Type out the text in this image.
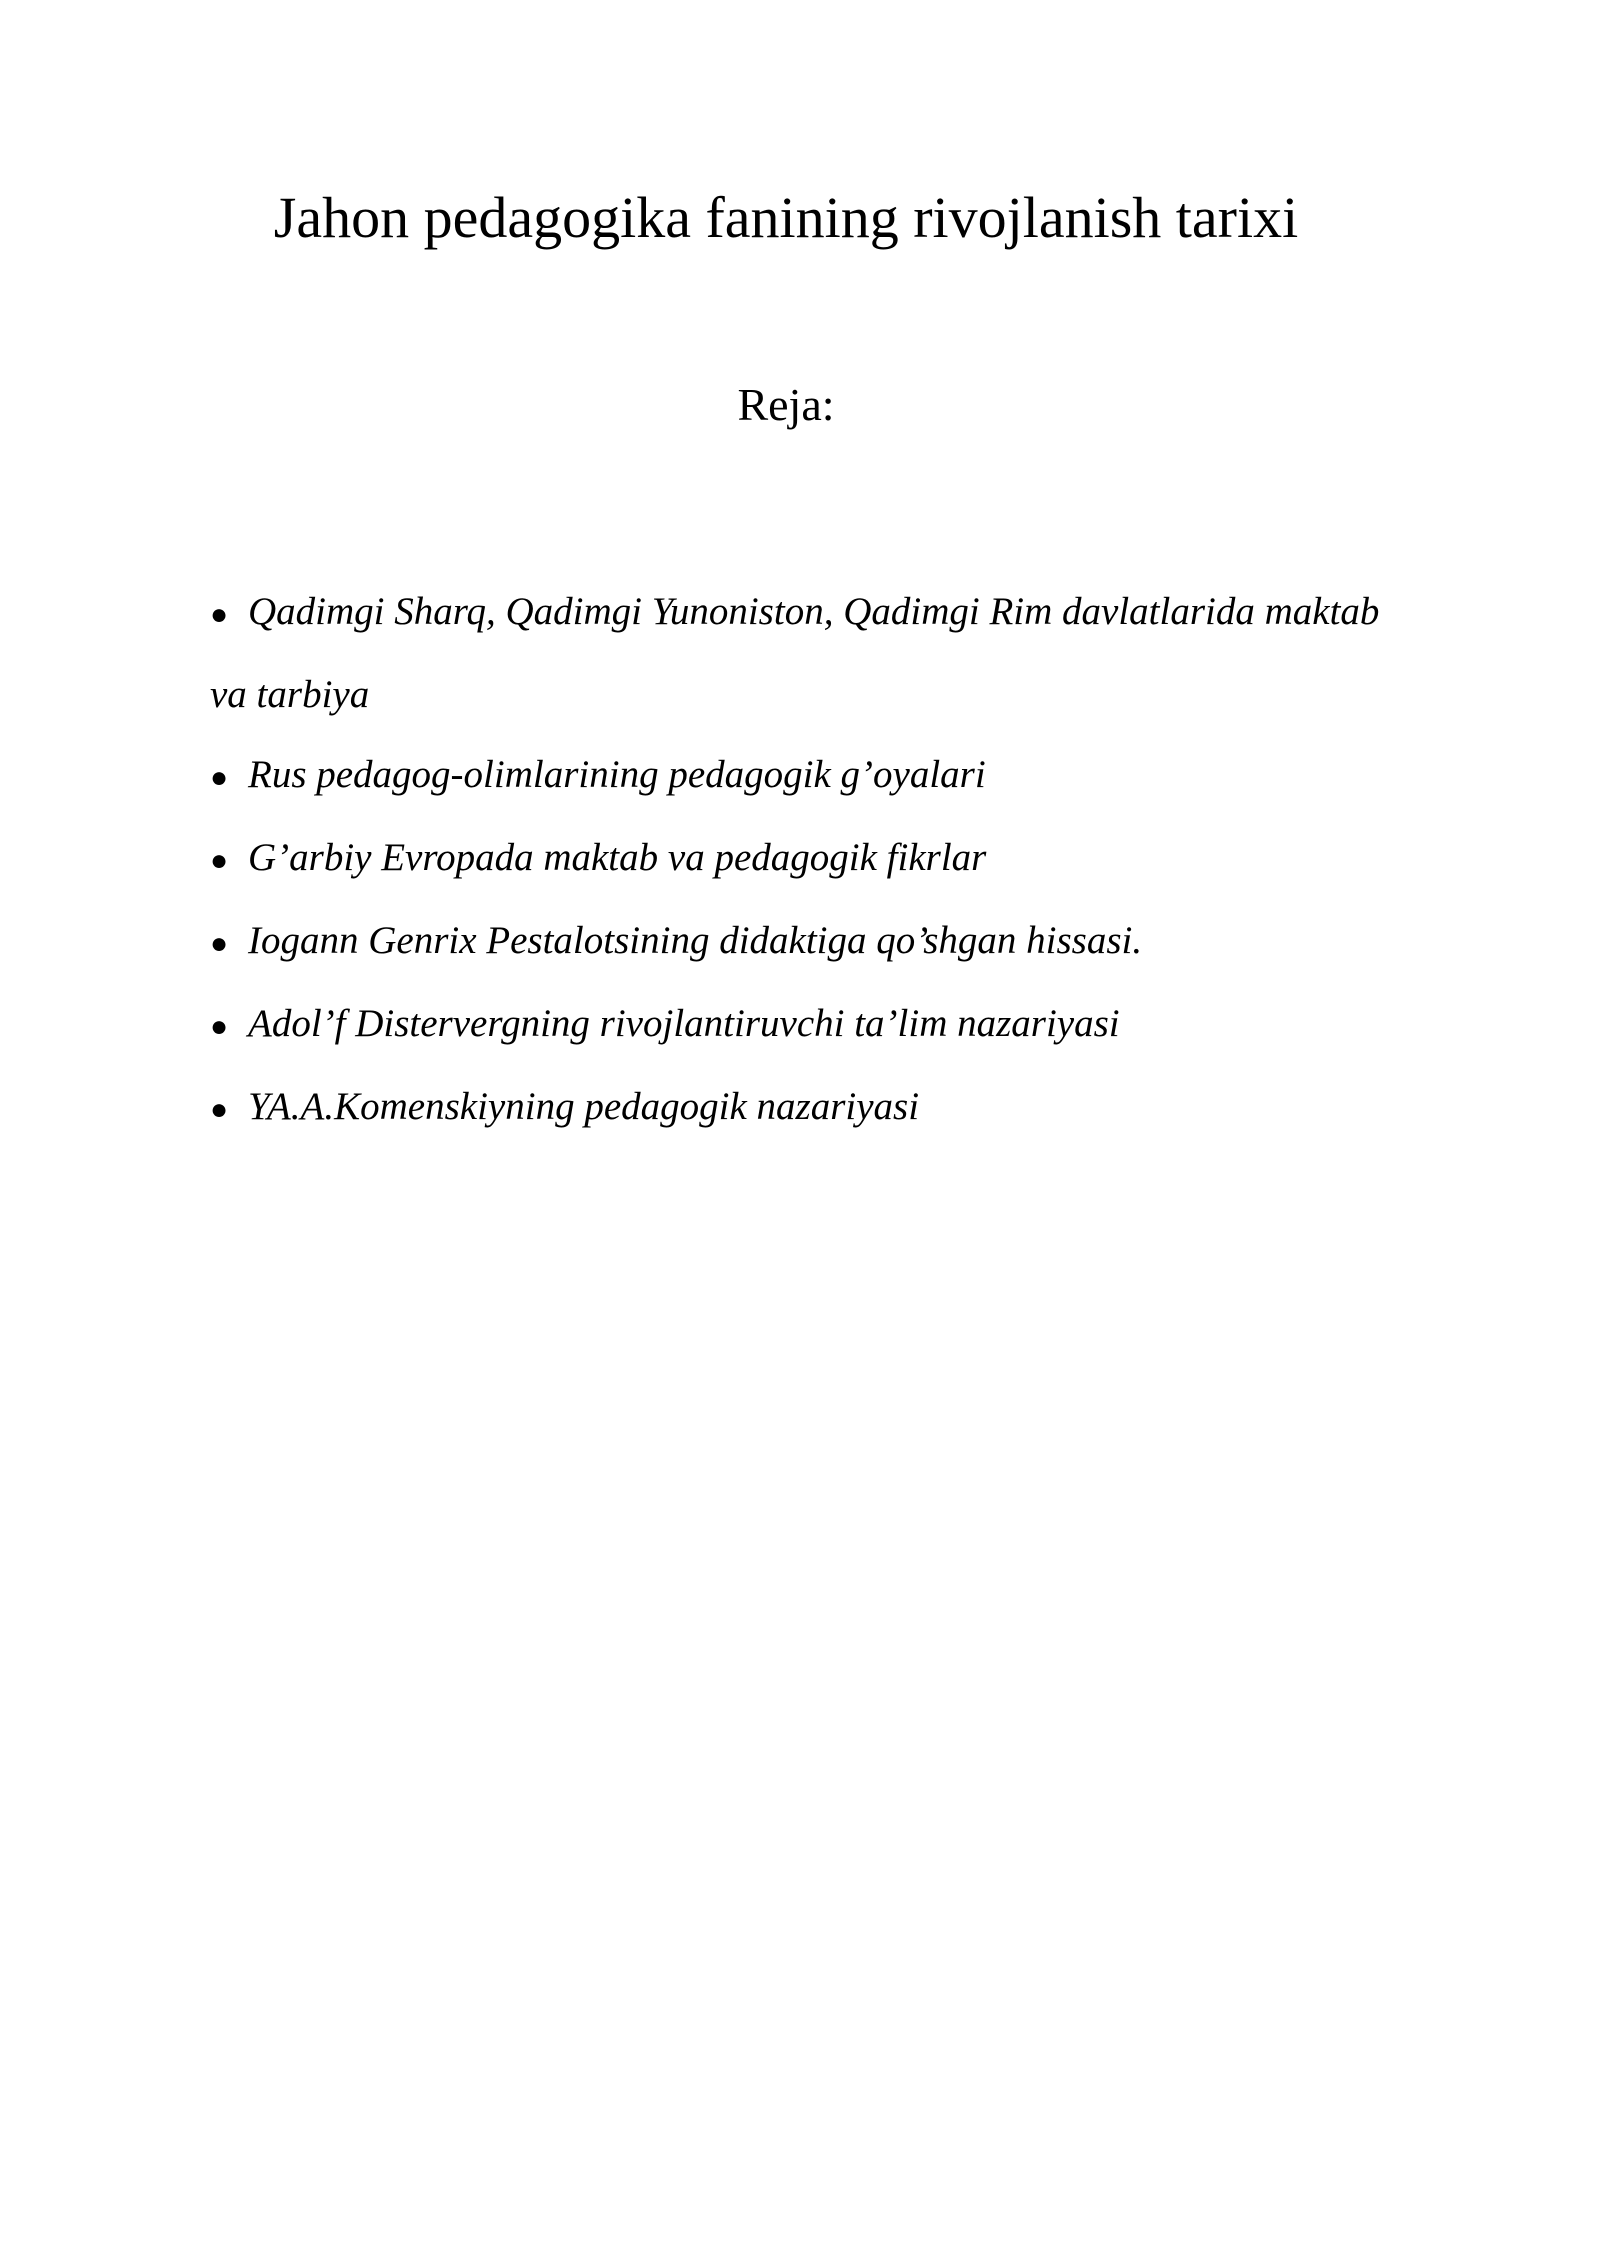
Jahon pedagogika fanining rivojlanish tarixi
Reja:
● Qadimgi Sharq, Qadimgi Yunoniston, Qadimgi Rim davlatlarida maktab va tarbiya
● Rus pedagog-olimlarining pedagogik g’oyalari
● G’arbiy Evropada maktab va pedagogik fikrlar
● Iogann Genrix Pestalotsining didaktiga qo’shgan hissasi.
● Adol’f Distervergning rivojlantiruvchi ta’lim nazariyasi
● YA.A.Komenskiyning pedagogik nazariyasi
